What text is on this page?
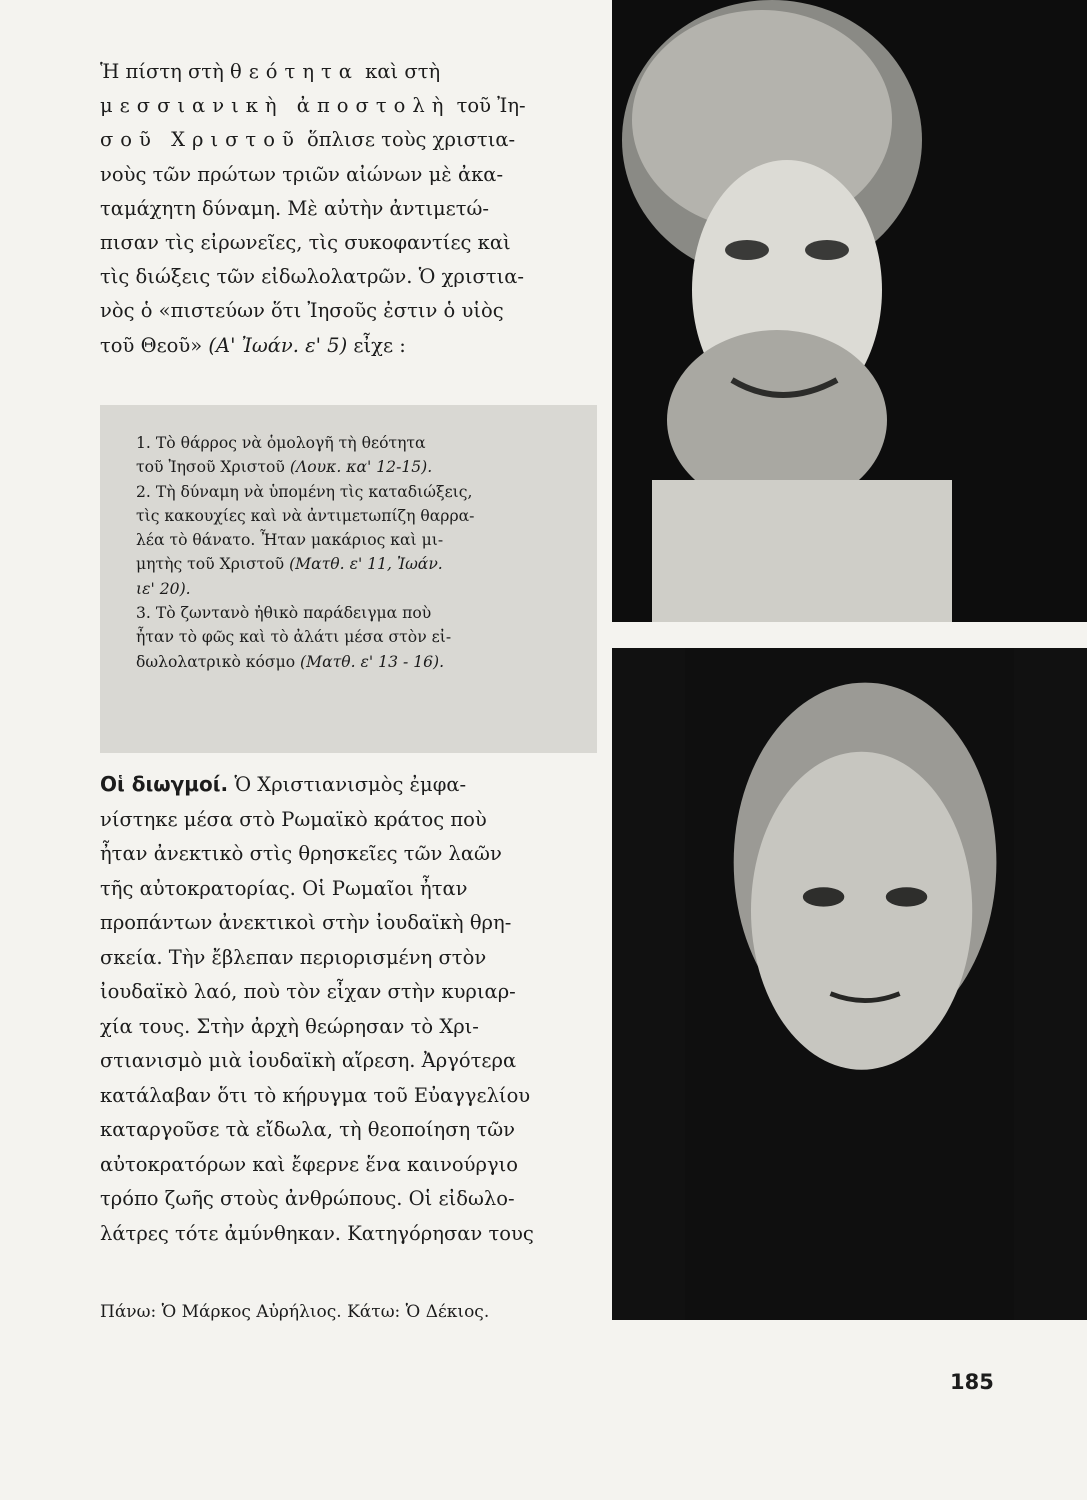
Ἡ πίστη στὴ θεότητα καὶ στὴ
μεσσιανικὴ ἀποστολὴ τοῦ Ἰη-
σοῦ Χριστοῦ ὅπλισε τοὺς χριστια-
νοὺς τῶν πρώτων τριῶν αἰώνων μὲ ἀκα-
ταμάχητη δύναμη. Μὲ αὐτὴν ἀντιμετώ-
πισαν τὶς εἰρωνεῖες, τὶς συκοφαντίες καὶ
τὶς διώξεις τῶν εἰδωλολατρῶν. Ὁ χριστια-
νὸς ὁ «πιστεύων ὅτι Ἰησοῦς ἐστιν ὁ υἱὸς
τοῦ Θεοῦ» (Α' Ἰωάν. ε' 5) εἶχε :
1. Τὸ θάρρος νὰ ὁμολογῆ τὴ θεότητα
τοῦ Ἰησοῦ Χριστοῦ (Λουκ. κα' 12-15).
2. Τὴ δύναμη νὰ ὑπομένη τὶς καταδιώξεις,
τὶς κακουχίες καὶ νὰ ἀντιμετωπίζη θαρρα-
λέα τὸ θάνατο. Ἦταν μακάριος καὶ μι-
μητὴς τοῦ Χριστοῦ (Ματθ. ε' 11, Ἰωάν.
ιε' 20).
3. Τὸ ζωντανὸ ἠθικὸ παράδειγμα ποὺ
ἦταν τὸ φῶς καὶ τὸ ἀλάτι μέσα στὸν εἰ-
δωλολατρικὸ κόσμο (Ματθ. ε' 13 - 16).
Οἱ διωγμοί. Ὁ Χριστιανισμὸς ἐμφα-
νίστηκε μέσα στὸ Ρωμαϊκὸ κράτος ποὺ
ἦταν ἀνεκτικὸ στὶς θρησκεῖες τῶν λαῶν
τῆς αὐτοκρατορίας. Οἱ Ρωμαῖοι ἦταν
προπάντων ἀνεκτικοὶ στὴν ἰουδαϊκὴ θρη-
σκεία. Τὴν ἔβλεπαν περιορισμένη στὸν
ἰουδαϊκὸ λαό, ποὺ τὸν εἶχαν στὴν κυριαρ-
χία τους. Στὴν ἀρχὴ θεώρησαν τὸ Χρι-
στιανισμὸ μιὰ ἰουδαϊκὴ αἵρεση. Ἀργότερα
κατάλαβαν ὅτι τὸ κήρυγμα τοῦ Εὐαγγελίου
καταργοῦσε τὰ εἴδωλα, τὴ θεοποίηση τῶν
αὐτοκρατόρων καὶ ἔφερνε ἕνα καινούργιο
τρόπο ζωῆς στοὺς ἀνθρώπους. Οἱ εἰδωλο-
λάτρες τότε ἀμύνθηκαν. Κατηγόρησαν τους
Πάνω: Ὁ Μάρκος Αὐρήλιος. Κάτω: Ὁ Δέκιος.
185
